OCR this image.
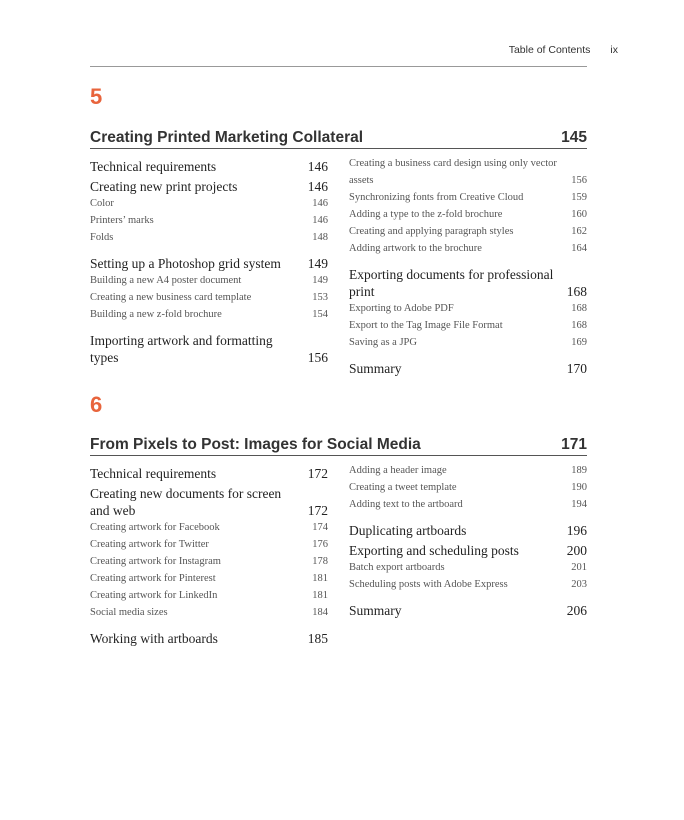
Table of Contents ix
5
Creating Printed Marketing Collateral	145
Technical requirements	146
Creating new print projects	146
Color	146
Printers’ marks	146
Folds	148
Setting up a Photoshop grid system	149
Building a new A4 poster document	149
Creating a new business card template	153
Building a new z-fold brochure	154
Importing artwork and formatting types	156
Creating a business card design using only vector assets	156
Synchronizing fonts from Creative Cloud	159
Adding a type to the z-fold brochure	160
Creating and applying paragraph styles	162
Adding artwork to the brochure	164
Exporting documents for professional print	168
Exporting to Adobe PDF	168
Export to the Tag Image File Format	168
Saving as a JPG	169
Summary	170
6
From Pixels to Post: Images for Social Media	171
Technical requirements	172
Creating new documents for screen and web	172
Creating artwork for Facebook	174
Creating artwork for Twitter	176
Creating artwork for Instagram	178
Creating artwork for Pinterest	181
Creating artwork for LinkedIn	181
Social media sizes	184
Working with artboards	185
Adding a header image	189
Creating a tweet template	190
Adding text to the artboard	194
Duplicating artboards	196
Exporting and scheduling posts	200
Batch export artboards	201
Scheduling posts with Adobe Express	203
Summary	206
